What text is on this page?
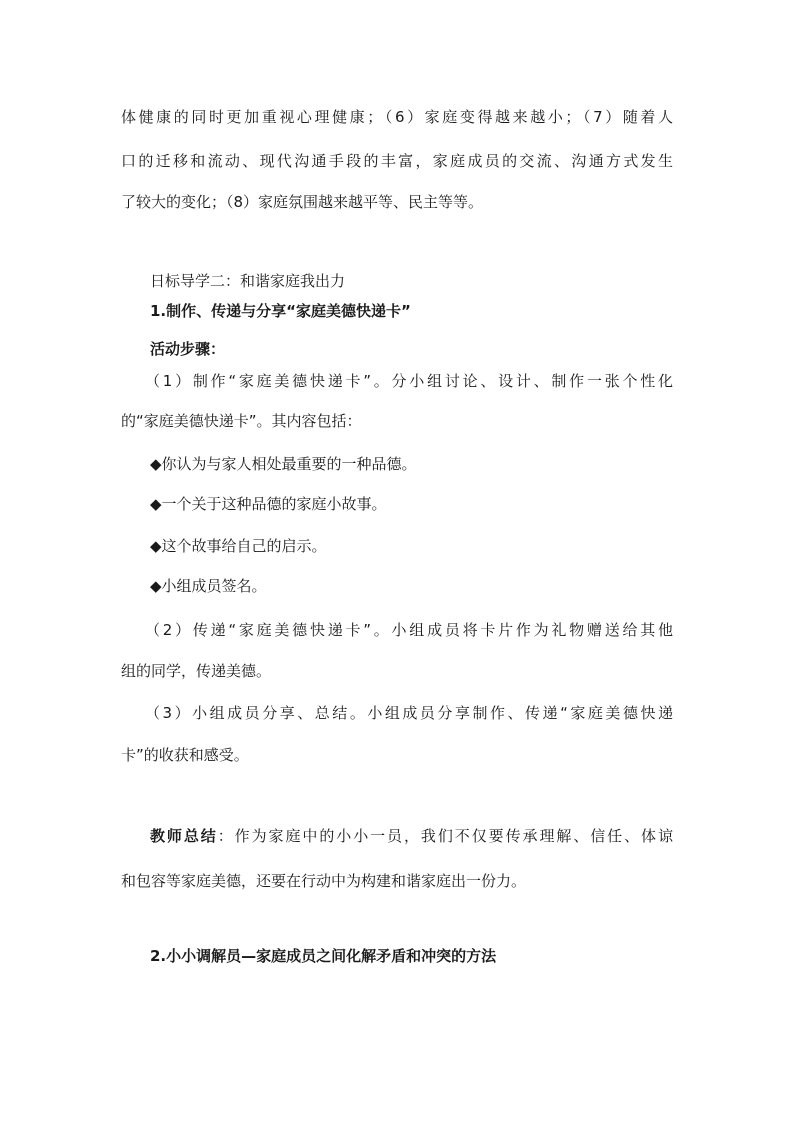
体健康的同时更加重视心理健康；（6）家庭变得越来越小；（7）随着人
口的迁移和流动、现代沟通手段的丰富，家庭成员的交流、沟通方式发生
了较大的变化；（8）家庭氛围越来越平等、民主等等。
日标导学二：和谐家庭我出力
1.制作、传递与分享“家庭美德快递卡”
活动步骤：
（1）制作“家庭美德快递卡”。分小组讨论、设计、制作一张个性化
的“家庭美德快递卡”。其内容包括：
◆你认为与家人相处最重要的一种品德。
◆一个关于这种品德的家庭小故事。
◆这个故事给自己的启示。
◆小组成员签名。
（2）传递“家庭美德快递卡”。小组成员将卡片作为礼物赠送给其他
组的同学，传递美德。
（3）小组成员分享、总结。小组成员分享制作、传递“家庭美德快递
卡”的收获和感受。
教师总结：作为家庭中的小小一员，我们不仅要传承理解、信任、体谅
和包容等家庭美德，还要在行动中为构建和谐家庭出一份力。
2.小小调解员—家庭成员之间化解矛盾和冲突的方法
